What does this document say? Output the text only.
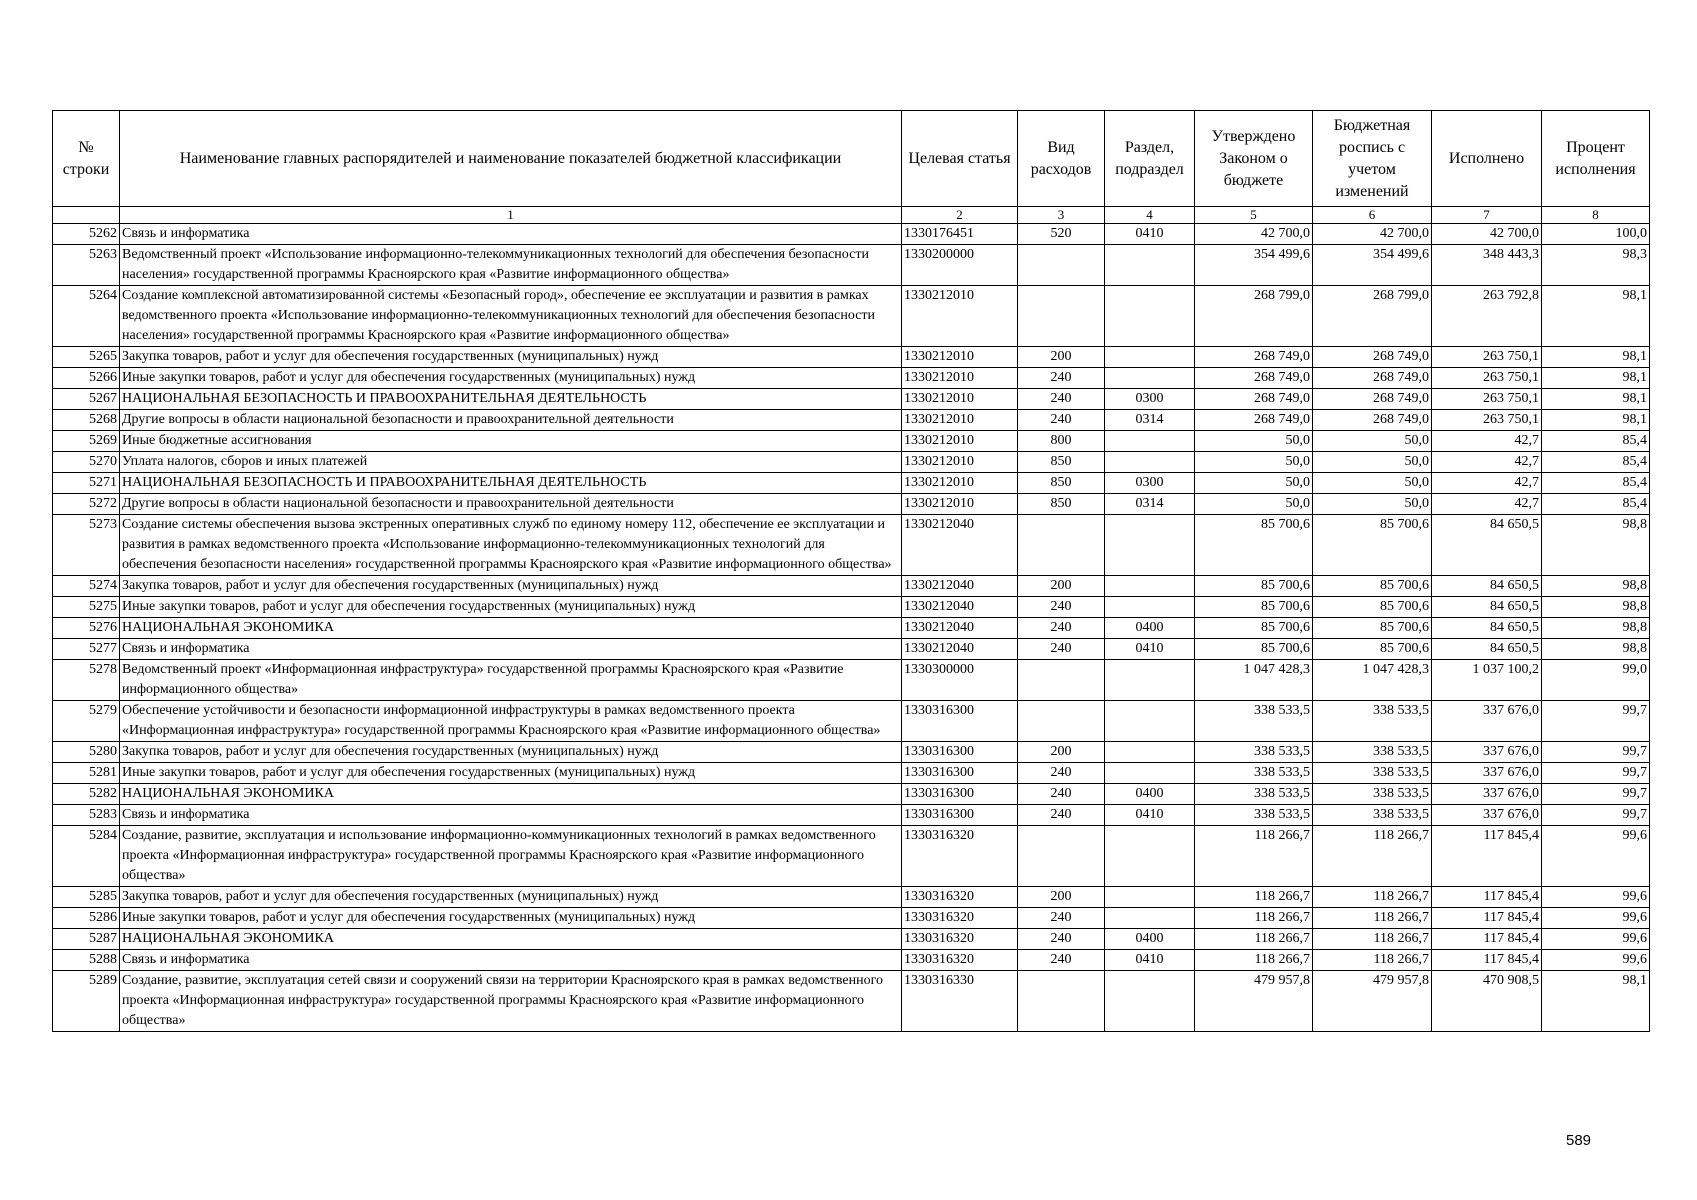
№ строки	Наименование главных распорядителей и наименование показателей бюджетной классификации	Целевая статья	Вид расходов	Раздел, подраздел	Утверждено Законом о бюджете	Бюджетная роспись с учетом изменений	Исполнено	Процент исполнения
	1	2	3	4	5	6	7	8
5262	Связь и информатика	1330176451	520	0410	42 700,0	42 700,0	42 700,0	100,0
5263	Ведомственный проект «Использование информационно-телекоммуникационных технологий для обеспечения безопасности населения» государственной программы Красноярского края «Развитие информационного общества»	1330200000			354 499,6	354 499,6	348 443,3	98,3
5264	Создание комплексной автоматизированной системы «Безопасный город», обеспечение ее эксплуатации и развития в рамках ведомственного проекта «Использование информационно-телекоммуникационных технологий для обеспечения безопасности населения» государственной программы Красноярского края «Развитие информационного общества»	1330212010			268 799,0	268 799,0	263 792,8	98,1
5265	Закупка товаров, работ и услуг для обеспечения государственных (муниципальных) нужд	1330212010	200		268 749,0	268 749,0	263 750,1	98,1
5266	Иные закупки товаров, работ и услуг для обеспечения государственных (муниципальных) нужд	1330212010	240		268 749,0	268 749,0	263 750,1	98,1
5267	НАЦИОНАЛЬНАЯ БЕЗОПАСНОСТЬ И ПРАВООХРАНИТЕЛЬНАЯ ДЕЯТЕЛЬНОСТЬ	1330212010	240	0300	268 749,0	268 749,0	263 750,1	98,1
5268	Другие вопросы в области национальной безопасности и правоохранительной деятельности	1330212010	240	0314	268 749,0	268 749,0	263 750,1	98,1
5269	Иные бюджетные ассигнования	1330212010	800		50,0	50,0	42,7	85,4
5270	Уплата налогов, сборов и иных платежей	1330212010	850		50,0	50,0	42,7	85,4
5271	НАЦИОНАЛЬНАЯ БЕЗОПАСНОСТЬ И ПРАВООХРАНИТЕЛЬНАЯ ДЕЯТЕЛЬНОСТЬ	1330212010	850	0300	50,0	50,0	42,7	85,4
5272	Другие вопросы в области национальной безопасности и правоохранительной деятельности	1330212010	850	0314	50,0	50,0	42,7	85,4
5273	Создание системы обеспечения вызова экстренных оперативных служб по единому номеру 112, обеспечение ее эксплуатации и развития в рамках ведомственного проекта «Использование информационно-телекоммуникационных технологий для обеспечения безопасности населения» государственной программы Красноярского края «Развитие информационного общества»	1330212040			85 700,6	85 700,6	84 650,5	98,8
5274	Закупка товаров, работ и услуг для обеспечения государственных (муниципальных) нужд	1330212040	200		85 700,6	85 700,6	84 650,5	98,8
5275	Иные закупки товаров, работ и услуг для обеспечения государственных (муниципальных) нужд	1330212040	240		85 700,6	85 700,6	84 650,5	98,8
5276	НАЦИОНАЛЬНАЯ ЭКОНОМИКА	1330212040	240	0400	85 700,6	85 700,6	84 650,5	98,8
5277	Связь и информатика	1330212040	240	0410	85 700,6	85 700,6	84 650,5	98,8
5278	Ведомственный проект «Информационная инфраструктура» государственной программы Красноярского края «Развитие информационного общества»	1330300000			1 047 428,3	1 047 428,3	1 037 100,2	99,0
5279	Обеспечение устойчивости и безопасности информационной инфраструктуры в рамках ведомственного проекта «Информационная инфраструктура» государственной программы Красноярского края «Развитие информационного общества»	1330316300			338 533,5	338 533,5	337 676,0	99,7
5280	Закупка товаров, работ и услуг для обеспечения государственных (муниципальных) нужд	1330316300	200		338 533,5	338 533,5	337 676,0	99,7
5281	Иные закупки товаров, работ и услуг для обеспечения государственных (муниципальных) нужд	1330316300	240		338 533,5	338 533,5	337 676,0	99,7
5282	НАЦИОНАЛЬНАЯ ЭКОНОМИКА	1330316300	240	0400	338 533,5	338 533,5	337 676,0	99,7
5283	Связь и информатика	1330316300	240	0410	338 533,5	338 533,5	337 676,0	99,7
5284	Создание, развитие, эксплуатация и использование информационно-коммуникационных технологий в рамках ведомственного проекта «Информационная инфраструктура» государственной программы Красноярского края «Развитие информационного общества»	1330316320			118 266,7	118 266,7	117 845,4	99,6
5285	Закупка товаров, работ и услуг для обеспечения государственных (муниципальных) нужд	1330316320	200		118 266,7	118 266,7	117 845,4	99,6
5286	Иные закупки товаров, работ и услуг для обеспечения государственных (муниципальных) нужд	1330316320	240		118 266,7	118 266,7	117 845,4	99,6
5287	НАЦИОНАЛЬНАЯ ЭКОНОМИКА	1330316320	240	0400	118 266,7	118 266,7	117 845,4	99,6
5288	Связь и информатика	1330316320	240	0410	118 266,7	118 266,7	117 845,4	99,6
5289	Создание, развитие, эксплуатация сетей связи и сооружений связи на территории Красноярского края в рамках ведомственного проекта «Информационная инфраструктура» государственной программы Красноярского края «Развитие информационного общества»	1330316330			479 957,8	479 957,8	470 908,5	98,1
589
